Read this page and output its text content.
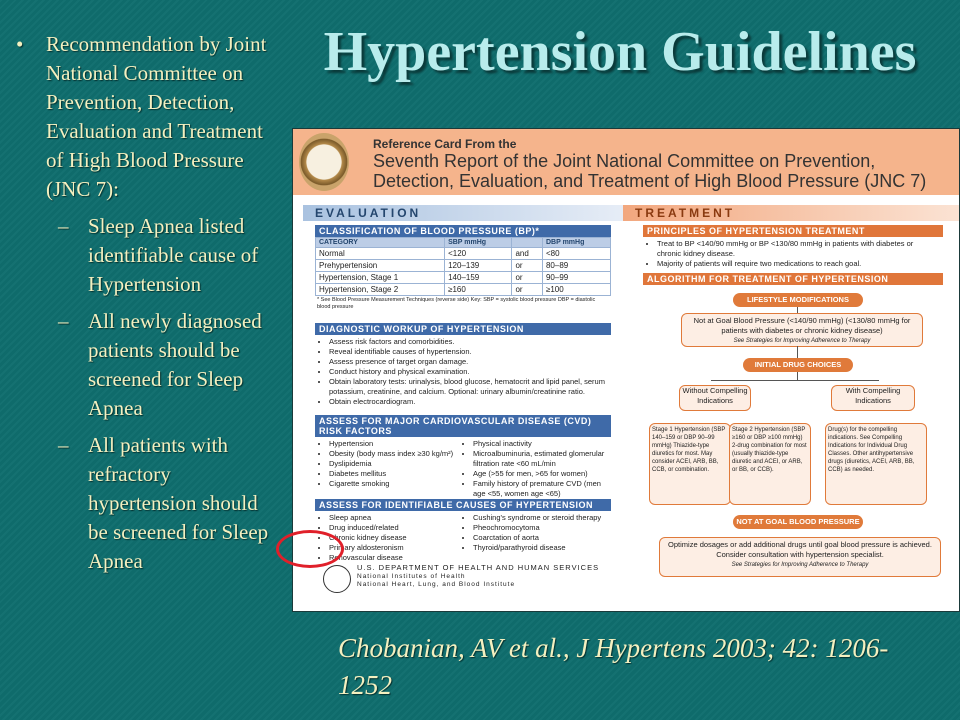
Hypertension Guidelines
• Recommendation by Joint National Committee on Prevention, Detection, Evaluation and Treatment of High Blood Pressure (JNC 7):
– Sleep Apnea listed identifiable cause of Hypertension
– All newly diagnosed patients should be screened for Sleep Apnea
– All patients with refractory hypertension should be screened for Sleep Apnea
Reference Card From the
Seventh Report of the Joint National Committee on Prevention, Detection, Evaluation, and Treatment of High Blood Pressure (JNC 7)
EVALUATION	TREATMENT
CLASSIFICATION OF BLOOD PRESSURE (BP)*
CATEGORY	SBP mmHg		DBP mmHg
Normal	<120	and	<80
Prehypertension	120–139	or	80–89
Hypertension, Stage 1	140–159	or	90–99
Hypertension, Stage 2	≥160	or	≥100
* See Blood Pressure Measurement Techniques (reverse side) Key: SBP = systolic blood pressure DBP = diastolic blood pressure
DIAGNOSTIC WORKUP OF HYPERTENSION
• Assess risk factors and comorbidities.
• Reveal identifiable causes of hypertension.
• Assess presence of target organ damage.
• Conduct history and physical examination.
• Obtain laboratory tests: urinalysis, blood glucose, hematocrit and lipid panel, serum potassium, creatinine, and calcium. Optional: urinary albumin/creatinine ratio.
• Obtain electrocardiogram.
ASSESS FOR MAJOR CARDIOVASCULAR DISEASE (CVD) RISK FACTORS
• Hypertension
• Obesity (body mass index ≥30 kg/m²)
• Dyslipidemia
• Diabetes mellitus
• Cigarette smoking
• Physical inactivity
• Microalbuminuria, estimated glomerular filtration rate <60 mL/min
• Age (>55 for men, >65 for women)
• Family history of premature CVD (men age <55, women age <65)
ASSESS FOR IDENTIFIABLE CAUSES OF HYPERTENSION
• Sleep apnea
• Drug induced/related
• Chronic kidney disease
• Primary aldosteronism
• Renovascular disease
• Cushing's syndrome or steroid therapy
• Pheochromocytoma
• Coarctation of aorta
• Thyroid/parathyroid disease
U.S. DEPARTMENT OF HEALTH AND HUMAN SERVICES
National Institutes of Health
National Heart, Lung, and Blood Institute
PRINCIPLES OF HYPERTENSION TREATMENT
• Treat to BP <140/90 mmHg or BP <130/80 mmHg in patients with diabetes or chronic kidney disease.
• Majority of patients will require two medications to reach goal.
ALGORITHM FOR TREATMENT OF HYPERTENSION
LIFESTYLE MODIFICATIONS
Not at Goal Blood Pressure (<140/90 mmHg) (<130/80 mmHg for patients with diabetes or chronic kidney disease)
See Strategies for Improving Adherence to Therapy
INITIAL DRUG CHOICES
Without Compelling Indications
With Compelling Indications
Stage 1 Hypertension (SBP 140–159 or DBP 90–99 mmHg) Thiazide-type diuretics for most. May consider ACEI, ARB, BB, CCB, or combination.
Stage 2 Hypertension (SBP ≥160 or DBP ≥100 mmHg) 2-drug combination for most (usually thiazide-type diuretic and ACEI, or ARB, or BB, or CCB).
Drug(s) for the compelling indications. See Compelling Indications for Individual Drug Classes. Other antihypertensive drugs (diuretics, ACEI, ARB, BB, CCB) as needed.
NOT AT GOAL BLOOD PRESSURE
Optimize dosages or add additional drugs until goal blood pressure is achieved. Consider consultation with hypertension specialist.
See Strategies for Improving Adherence to Therapy
Chobanian, AV et al., J Hypertens 2003; 42: 1206-1252
